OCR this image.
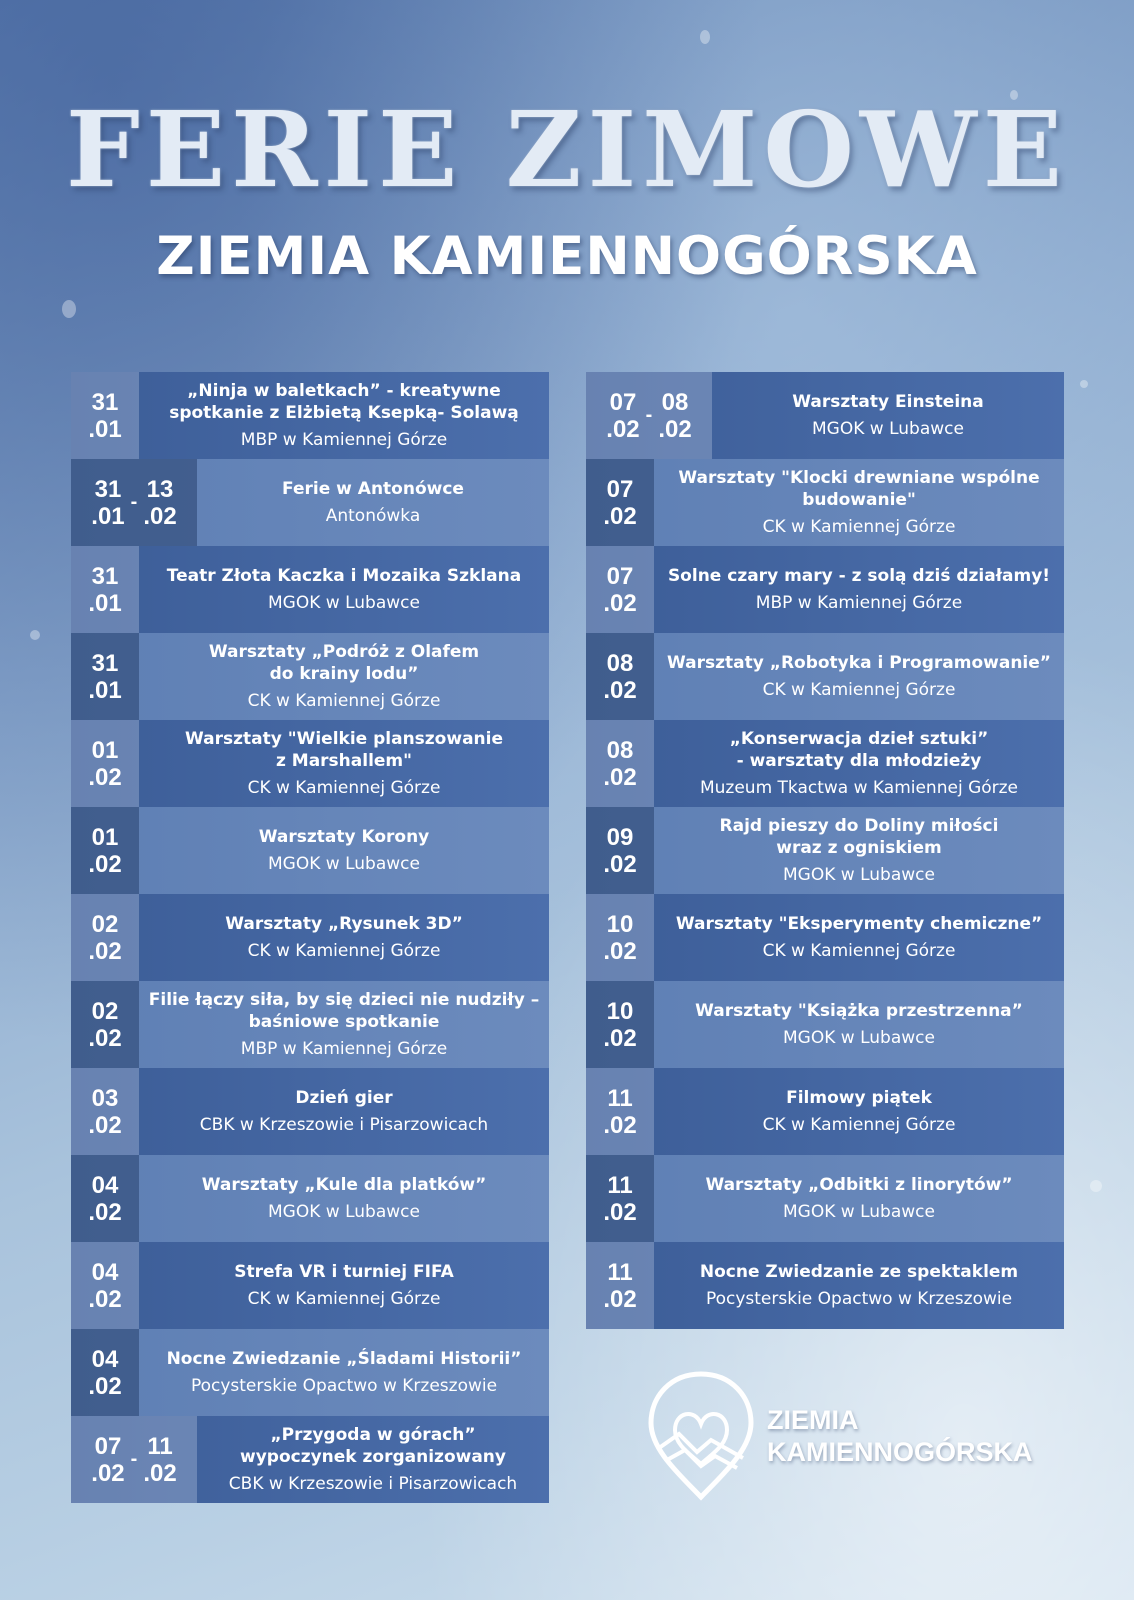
FERIE ZIMOWE
ZIEMIA KAMIENNOGÓRSKA
31
.01
„Ninja w baletkach” - kreatywne
spotkanie z Elżbietą Ksepką- Solawą
MBP w Kamiennej Górze
31
.01
- 13
.02
Ferie w Antonówce
Antonówka
31
.01
Teatr Złota Kaczka i Mozaika Szklana
MGOK w Lubawce
31
.01
Warsztaty „Podróż z Olafem
do krainy lodu”
CK w Kamiennej Górze
01
.02
Warsztaty "Wielkie planszowanie
z Marshallem"
CK w Kamiennej Górze
01
.02
Warsztaty Korony
MGOK w Lubawce
02
.02
Warsztaty „Rysunek 3D”
CK w Kamiennej Górze
02
.02
Filie łączy siła, by się dzieci nie nudziły –
baśniowe spotkanie
MBP w Kamiennej Górze
03
.02
Dzień gier
CBK w Krzeszowie i Pisarzowicach
04
.02
Warsztaty „Kule dla platków”
MGOK w Lubawce
04
.02
Strefa VR i turniej FIFA
CK w Kamiennej Górze
04
.02
Nocne Zwiedzanie „Śladami Historii”
Pocysterskie Opactwo w Krzeszowie
07
.02
- 11
.02
„Przygoda w górach”
wypoczynek zorganizowany
CBK w Krzeszowie i Pisarzowicach
07
.02
- 08
.02
Warsztaty Einsteina
MGOK w Lubawce
07
.02
Warsztaty "Klocki drewniane wspólne
budowanie"
CK w Kamiennej Górze
07
.02
Solne czary mary - z solą dziś działamy!
MBP w Kamiennej Górze
08
.02
Warsztaty „Robotyka i Programowanie”
CK w Kamiennej Górze
08
.02
„Konserwacja dzieł sztuki”
- warsztaty dla młodzieży
Muzeum Tkactwa w Kamiennej Górze
09
.02
Rajd pieszy do Doliny miłości
wraz z ogniskiem
MGOK w Lubawce
10
.02
Warsztaty "Eksperymenty chemiczne”
CK w Kamiennej Górze
10
.02
Warsztaty "Książka przestrzenna”
MGOK w Lubawce
11
.02
Filmowy piątek
CK w Kamiennej Górze
11
.02
Warsztaty „Odbitki z linorytów”
MGOK w Lubawce
11
.02
Nocne Zwiedzanie ze spektaklem
Pocysterskie Opactwo w Krzeszowie
ZIEMIA
KAMIENNOGÓRSKA
